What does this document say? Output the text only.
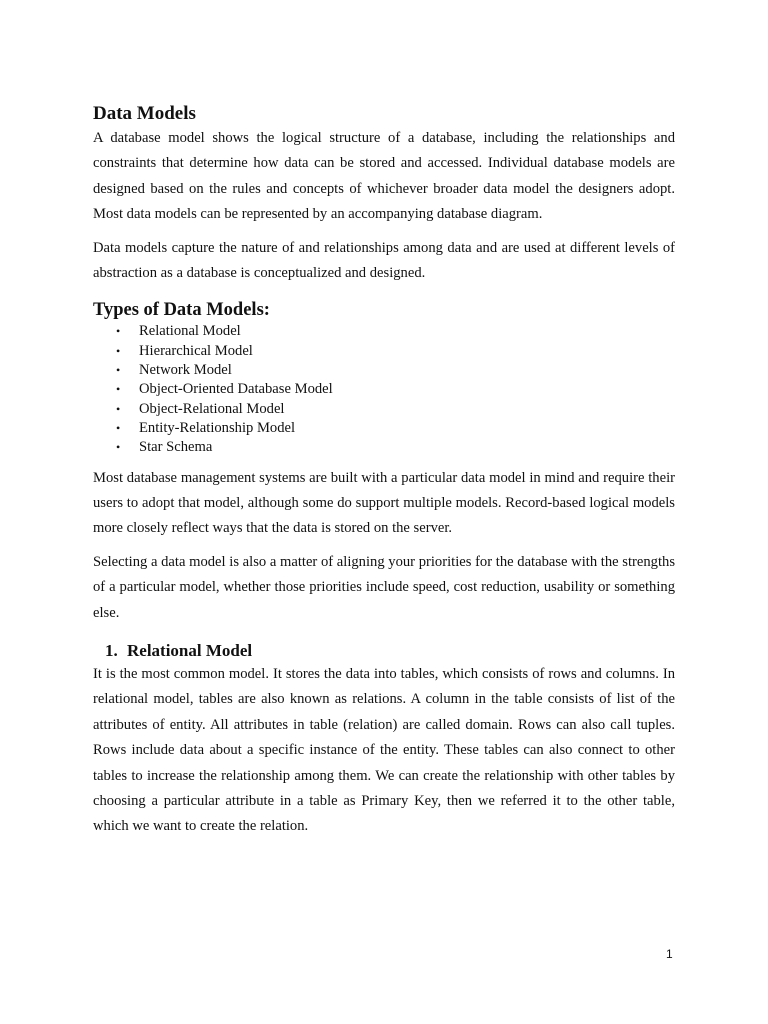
Data Models

A database model shows the logical structure of a database, including the relationships and constraints that determine how data can be stored and accessed. Individual database models are designed based on the rules and concepts of whichever broader data model the designers adopt. Most data models can be represented by an accompanying database diagram.

Data models capture the nature of and relationships among data and are used at different levels of abstraction as a database is conceptualized and designed.

Types of Data Models:
• Relational Model
• Hierarchical Model
• Network Model
• Object-Oriented Database Model
• Object-Relational Model
• Entity-Relationship Model
• Star Schema

Most database management systems are built with a particular data model in mind and require their users to adopt that model, although some do support multiple models. Record-based logical models more closely reflect ways that the data is stored on the server.

Selecting a data model is also a matter of aligning your priorities for the database with the strengths of a particular model, whether those priorities include speed, cost reduction, usability or something else.

1. Relational Model

It is the most common model. It stores the data into tables, which consists of rows and columns. In relational model, tables are also known as relations. A column in the table consists of list of the attributes of entity. All attributes in table (relation) are called domain. Rows can also call tuples. Rows include data about a specific instance of the entity. These tables can also connect to other tables to increase the relationship among them. We can create the relationship with other tables by choosing a particular attribute in a table as Primary Key, then we referred it to the other table, which we want to create the relation.

1
